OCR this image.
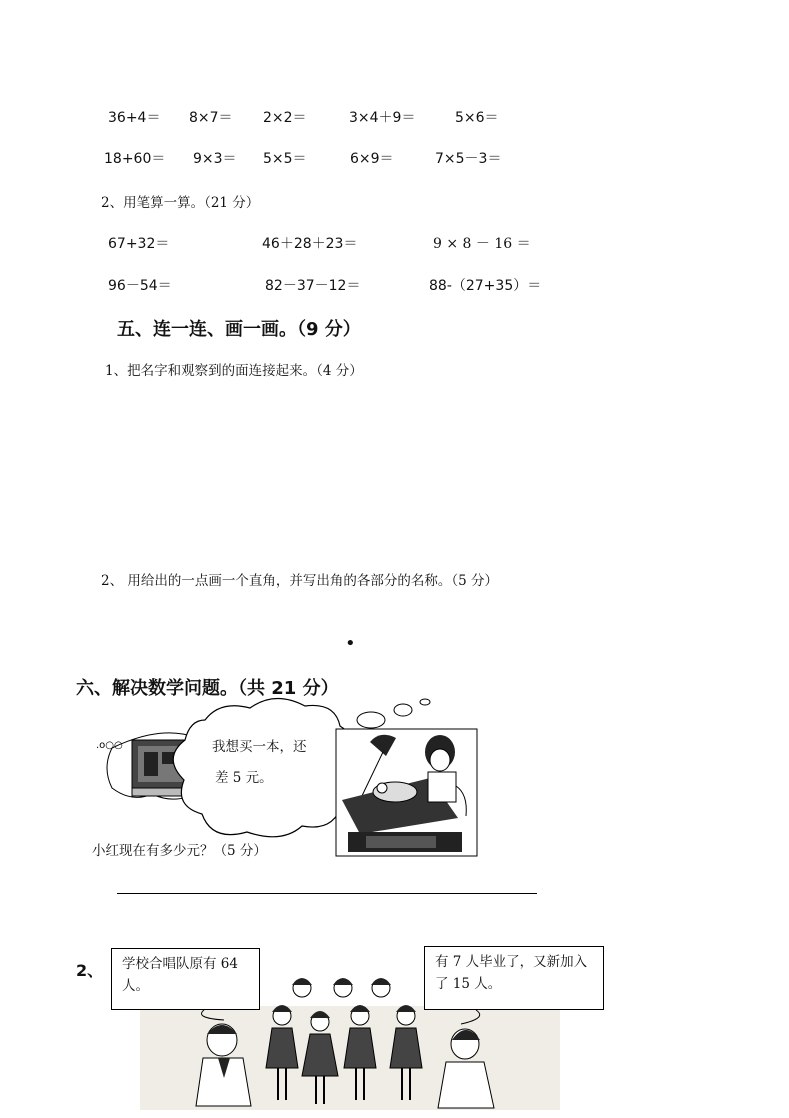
36+4＝ 8×7＝ 2×2＝	3×4＋9＝	5×6＝
18+60＝ 9×3＝ 5×5＝	6×9＝	7×5－3＝
2、用笔算一算。（21 分）
67+32＝	46＋28＋23＝	9 × 8 － 16 ＝
96－54＝	82－37－12＝	88-（27+35）＝
五、连一连、画一画。（9 分）
1、把名字和观察到的面连接起来。（4 分）
2、 用给出的一点画一个直角，并写出角的各部分的名称。（5 分）
•
六、解决数学问题。（共 21 分）
.o○○	我想买一本，还
差 5 元。
小红现在有多少元？（5 分）
2、	学校合唱队原有 64 人。
有 7 人毕业了，又新加入了 15 人。
